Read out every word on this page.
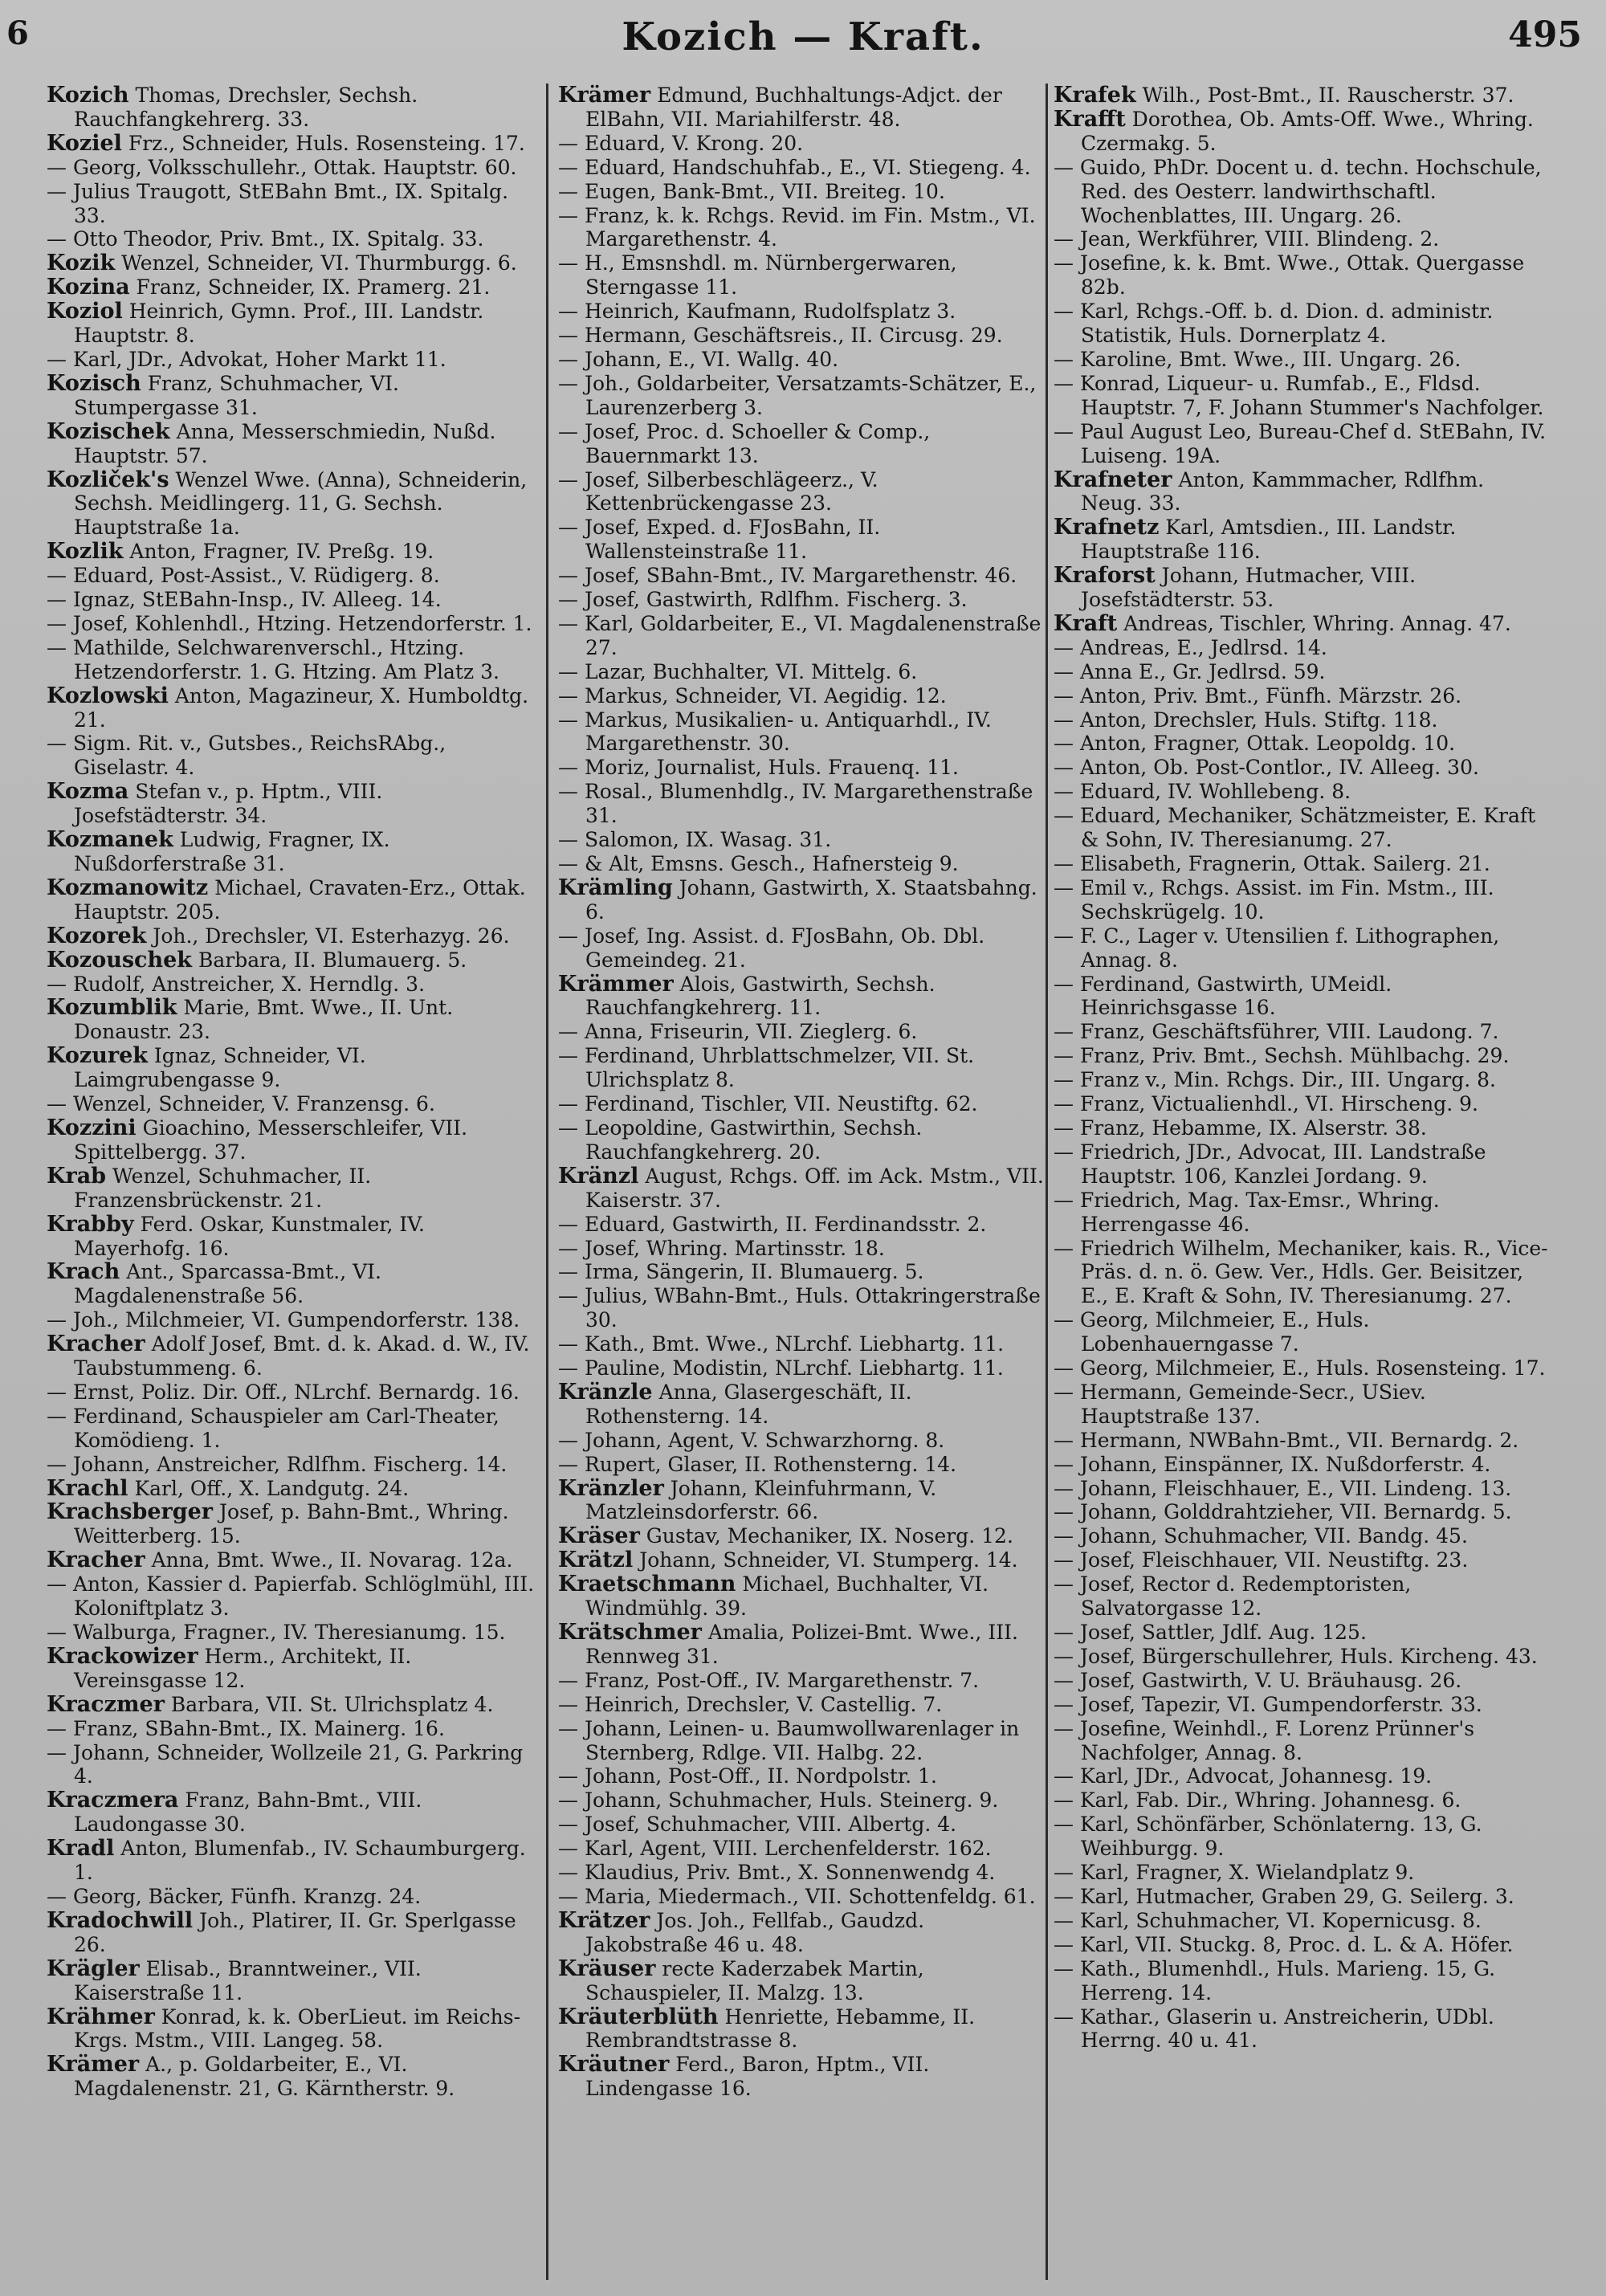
6	Kozich — Kraft.	495

Kozich Thomas, Drechsler, Sechsh. Rauchfangkehrerg. 33.

Koziel Frz., Schneider, Huls. Rosensteing. 17.

— Georg, Volksschullehr., Ottak. Hauptstr. 60.

— Julius Traugott, StEBahn Bmt., IX. Spitalg. 33.

— Otto Theodor, Priv. Bmt., IX. Spitalg. 33.

Kozik Wenzel, Schneider, VI. Thurmburgg. 6.

Kozina Franz, Schneider, IX. Pramerg. 21.

Koziol Heinrich, Gymn. Prof., III. Landstr. Hauptstr. 8.

— Karl, JDr., Advokat, Hoher Markt 11.

Kozisch Franz, Schuhmacher, VI. Stumpergasse 31.

Kozischek Anna, Messerschmiedin, Nußd. Hauptstr. 57.

Kozliček's Wenzel Wwe. (Anna), Schneiderin, Sechsh. Meidlingerg. 11, G. Sechsh. Hauptstraße 1a.

Kozlik Anton, Fragner, IV. Preßg. 19.

— Eduard, Post-Assist., V. Rüdigerg. 8.

— Ignaz, StEBahn-Insp., IV. Alleeg. 14.

— Josef, Kohlenhdl., Htzing. Hetzendorferstr. 1.

— Mathilde, Selchwarenverschl., Htzing. Hetzendorferstr. 1. G. Htzing. Am Platz 3.

Kozlowski Anton, Magazineur, X. Humboldtg. 21.

— Sigm. Rit. v., Gutsbes., ReichsRAbg., Giselastr. 4.

Kozma Stefan v., p. Hptm., VIII. Josefstädterstr. 34.

Kozmanek Ludwig, Fragner, IX. Nußdorferstraße 31.

Kozmanowitz Michael, Cravaten-Erz., Ottak. Hauptstr. 205.

Kozorek Joh., Drechsler, VI. Esterhazyg. 26.

Kozouschek Barbara, II. Blumauerg. 5.

— Rudolf, Anstreicher, X. Herndlg. 3.

Kozumblik Marie, Bmt. Wwe., II. Unt. Donaustr. 23.

Kozurek Ignaz, Schneider, VI. Laimgrubengasse 9.

— Wenzel, Schneider, V. Franzensg. 6.

Kozzini Gioachino, Messerschleifer, VII. Spittelbergg. 37.

Krab Wenzel, Schuhmacher, II. Franzensbrückenstr. 21.

Krabby Ferd. Oskar, Kunstmaler, IV. Mayerhofg. 16.

Krach Ant., Sparcassa-Bmt., VI. Magdalenenstraße 56.

— Joh., Milchmeier, VI. Gumpendorferstr. 138.

Kracher Adolf Josef, Bmt. d. k. Akad. d. W., IV. Taubstummeng. 6.

— Ernst, Poliz. Dir. Off., NLrchf. Bernardg. 16.

— Ferdinand, Schauspieler am Carl-Theater, Komödieng. 1.

— Johann, Anstreicher, Rdlfhm. Fischerg. 14.

Krachl Karl, Off., X. Landgutg. 24.

Krachsberger Josef, p. Bahn-Bmt., Whring. Weitterberg. 15.

Kracher Anna, Bmt. Wwe., II. Novarag. 12a.

— Anton, Kassier d. Papierfab. Schlöglmühl, III. Koloniftplatz 3.

— Walburga, Fragner., IV. Theresianumg. 15.

Krackowizer Herm., Architekt, II. Vereinsgasse 12.

Kraczmer Barbara, VII. St. Ulrichsplatz 4.

— Franz, SBahn-Bmt., IX. Mainerg. 16.

— Johann, Schneider, Wollzeile 21, G. Parkring 4.

Kraczmera Franz, Bahn-Bmt., VIII. Laudongasse 30.

Kradl Anton, Blumenfab., IV. Schaumburgerg. 1.

— Georg, Bäcker, Fünfh. Kranzg. 24.

Kradochwill Joh., Platirer, II. Gr. Sperlgasse 26.

Krägler Elisab., Branntweiner., VII. Kaiserstraße 11.

Krähmer Konrad, k. k. OberLieut. im Reichs-Krgs. Mstm., VIII. Langeg. 58.

Krämer A., p. Goldarbeiter, E., VI. Magdalenenstr. 21, G. Kärntherstr. 9.

Krämer Edmund, Buchhaltungs-Adjct. der ElBahn, VII. Mariahilferstr. 48.

— Eduard, V. Krong. 20.

— Eduard, Handschuhfab., E., VI. Stiegeng. 4.

— Eugen, Bank-Bmt., VII. Breiteg. 10.

— Franz, k. k. Rchgs. Revid. im Fin. Mstm., VI. Margarethenstr. 4.

— H., Emsnshdl. m. Nürnbergerwaren, Sterngasse 11.

— Heinrich, Kaufmann, Rudolfsplatz 3.

— Hermann, Geschäftsreis., II. Circusg. 29.

— Johann, E., VI. Wallg. 40.

— Joh., Goldarbeiter, Versatzamts-Schätzer, E., Laurenzerberg 3.

— Josef, Proc. d. Schoeller & Comp., Bauernmarkt 13.

— Josef, Silberbeschlägeerz., V. Kettenbrückengasse 23.

— Josef, Exped. d. FJosBahn, II. Wallensteinstraße 11.

— Josef, SBahn-Bmt., IV. Margarethenstr. 46.

— Josef, Gastwirth, Rdlfhm. Fischerg. 3.

— Karl, Goldarbeiter, E., VI. Magdalenenstraße 27.

— Lazar, Buchhalter, VI. Mittelg. 6.

— Markus, Schneider, VI. Aegidig. 12.

— Markus, Musikalien- u. Antiquarhdl., IV. Margarethenstr. 30.

— Moriz, Journalist, Huls. Frauenq. 11.

— Rosal., Blumenhdlg., IV. Margarethenstraße 31.

— Salomon, IX. Wasag. 31.

— & Alt, Emsns. Gesch., Hafnersteig 9.

Krämling Johann, Gastwirth, X. Staatsbahng. 6.

— Josef, Ing. Assist. d. FJosBahn, Ob. Dbl. Gemeindeg. 21.

Krämmer Alois, Gastwirth, Sechsh. Rauchfangkehrerg. 11.

— Anna, Friseurin, VII. Zieglerg. 6.

— Ferdinand, Uhrblattschmelzer, VII. St. Ulrichsplatz 8.

— Ferdinand, Tischler, VII. Neustiftg. 62.

— Leopoldine, Gastwirthin, Sechsh. Rauchfangkehrerg. 20.

Kränzl August, Rchgs. Off. im Ack. Mstm., VII. Kaiserstr. 37.

— Eduard, Gastwirth, II. Ferdinandsstr. 2.

— Josef, Whring. Martinsstr. 18.

— Irma, Sängerin, II. Blumauerg. 5.

— Julius, WBahn-Bmt., Huls. Ottakringerstraße 30.

— Kath., Bmt. Wwe., NLrchf. Liebhartg. 11.

— Pauline, Modistin, NLrchf. Liebhartg. 11.

Kränzle Anna, Glasergeschäft, II. Rothensterng. 14.

— Johann, Agent, V. Schwarzhorng. 8.

— Rupert, Glaser, II. Rothensterng. 14.

Kränzler Johann, Kleinfuhrmann, V. Matzleinsdorferstr. 66.

Kräser Gustav, Mechaniker, IX. Noserg. 12.

Krätzl Johann, Schneider, VI. Stumperg. 14.

Kraetschmann Michael, Buchhalter, VI. Windmühlg. 39.

Krätschmer Amalia, Polizei-Bmt. Wwe., III. Rennweg 31.

— Franz, Post-Off., IV. Margarethenstr. 7.

— Heinrich, Drechsler, V. Castellig. 7.

— Johann, Leinen- u. Baumwollwarenlager in Sternberg, Rdlge. VII. Halbg. 22.

— Johann, Post-Off., II. Nordpolstr. 1.

— Johann, Schuhmacher, Huls. Steinerg. 9.

— Josef, Schuhmacher, VIII. Albertg. 4.

— Karl, Agent, VIII. Lerchenfelderstr. 162.

— Klaudius, Priv. Bmt., X. Sonnenwendg 4.

— Maria, Miedermach., VII. Schottenfeldg. 61.

Krätzer Jos. Joh., Fellfab., Gaudzd. Jakobstraße 46 u. 48.

Kräuser recte Kaderzabek Martin, Schauspieler, II. Malzg. 13.

Kräuterblüth Henriette, Hebamme, II. Rembrandtstrasse 8.

Kräutner Ferd., Baron, Hptm., VII. Lindengasse 16.

Krafek Wilh., Post-Bmt., II. Rauscherstr. 37.

Krafft Dorothea, Ob. Amts-Off. Wwe., Whring. Czermakg. 5.

— Guido, PhDr. Docent u. d. techn. Hochschule, Red. des Oesterr. landwirthschaftl. Wochenblattes, III. Ungarg. 26.

— Jean, Werkführer, VIII. Blindeng. 2.

— Josefine, k. k. Bmt. Wwe., Ottak. Quergasse 82b.

— Karl, Rchgs.-Off. b. d. Dion. d. administr. Statistik, Huls. Dornerplatz 4.

— Karoline, Bmt. Wwe., III. Ungarg. 26.

— Konrad, Liqueur- u. Rumfab., E., Fldsd. Hauptstr. 7, F. Johann Stummer's Nachfolger.

— Paul August Leo, Bureau-Chef d. StEBahn, IV. Luiseng. 19A.

Krafneter Anton, Kammmacher, Rdlfhm. Neug. 33.

Krafnetz Karl, Amtsdien., III. Landstr. Hauptstraße 116.

Kraforst Johann, Hutmacher, VIII. Josefstädterstr. 53.

Kraft Andreas, Tischler, Whring. Annag. 47.

— Andreas, E., Jedlrsd. 14.

— Anna E., Gr. Jedlrsd. 59.

— Anton, Priv. Bmt., Fünfh. Märzstr. 26.

— Anton, Drechsler, Huls. Stiftg. 118.

— Anton, Fragner, Ottak. Leopoldg. 10.

— Anton, Ob. Post-Contlor., IV. Alleeg. 30.

— Eduard, IV. Wohllebeng. 8.

— Eduard, Mechaniker, Schätzmeister, E. Kraft & Sohn, IV. Theresianumg. 27.

— Elisabeth, Fragnerin, Ottak. Sailerg. 21.

— Emil v., Rchgs. Assist. im Fin. Mstm., III. Sechskrügelg. 10.

— F. C., Lager v. Utensilien f. Lithographen, Annag. 8.

— Ferdinand, Gastwirth, UMeidl. Heinrichsgasse 16.

— Franz, Geschäftsführer, VIII. Laudong. 7.

— Franz, Priv. Bmt., Sechsh. Mühlbachg. 29.

— Franz v., Min. Rchgs. Dir., III. Ungarg. 8.

— Franz, Victualienhdl., VI. Hirscheng. 9.

— Franz, Hebamme, IX. Alserstr. 38.

— Friedrich, JDr., Advocat, III. Landstraße Hauptstr. 106, Kanzlei Jordang. 9.

— Friedrich, Mag. Tax-Emsr., Whring. Herrengasse 46.

— Friedrich Wilhelm, Mechaniker, kais. R., Vice-Präs. d. n. ö. Gew. Ver., Hdls. Ger. Beisitzer, E., E. Kraft & Sohn, IV. Theresianumg. 27.

— Georg, Milchmeier, E., Huls. Lobenhauerngasse 7.

— Georg, Milchmeier, E., Huls. Rosensteing. 17.

— Hermann, Gemeinde-Secr., USiev. Hauptstraße 137.

— Hermann, NWBahn-Bmt., VII. Bernardg. 2.

— Johann, Einspänner, IX. Nußdorferstr. 4.

— Johann, Fleischhauer, E., VII. Lindeng. 13.

— Johann, Golddrahtzieher, VII. Bernardg. 5.

— Johann, Schuhmacher, VII. Bandg. 45.

— Josef, Fleischhauer, VII. Neustiftg. 23.

— Josef, Rector d. Redemptoristen, Salvatorgasse 12.

— Josef, Sattler, Jdlf. Aug. 125.

— Josef, Bürgerschullehrer, Huls. Kircheng. 43.

— Josef, Gastwirth, V. U. Bräuhausg. 26.

— Josef, Tapezir, VI. Gumpendorferstr. 33.

— Josefine, Weinhdl., F. Lorenz Prünner's Nachfolger, Annag. 8.

— Karl, JDr., Advocat, Johannesg. 19.

— Karl, Fab. Dir., Whring. Johannesg. 6.

— Karl, Schönfärber, Schönlaterng. 13, G. Weihburgg. 9.

— Karl, Fragner, X. Wielandplatz 9.

— Karl, Hutmacher, Graben 29, G. Seilerg. 3.

— Karl, Schuhmacher, VI. Kopernicusg. 8.

— Karl, VII. Stuckg. 8, Proc. d. L. & A. Höfer.

— Kath., Blumenhdl., Huls. Marieng. 15, G. Herreng. 14.

— Kathar., Glaserin u. Anstreicherin, UDbl. Herrng. 40 u. 41.
